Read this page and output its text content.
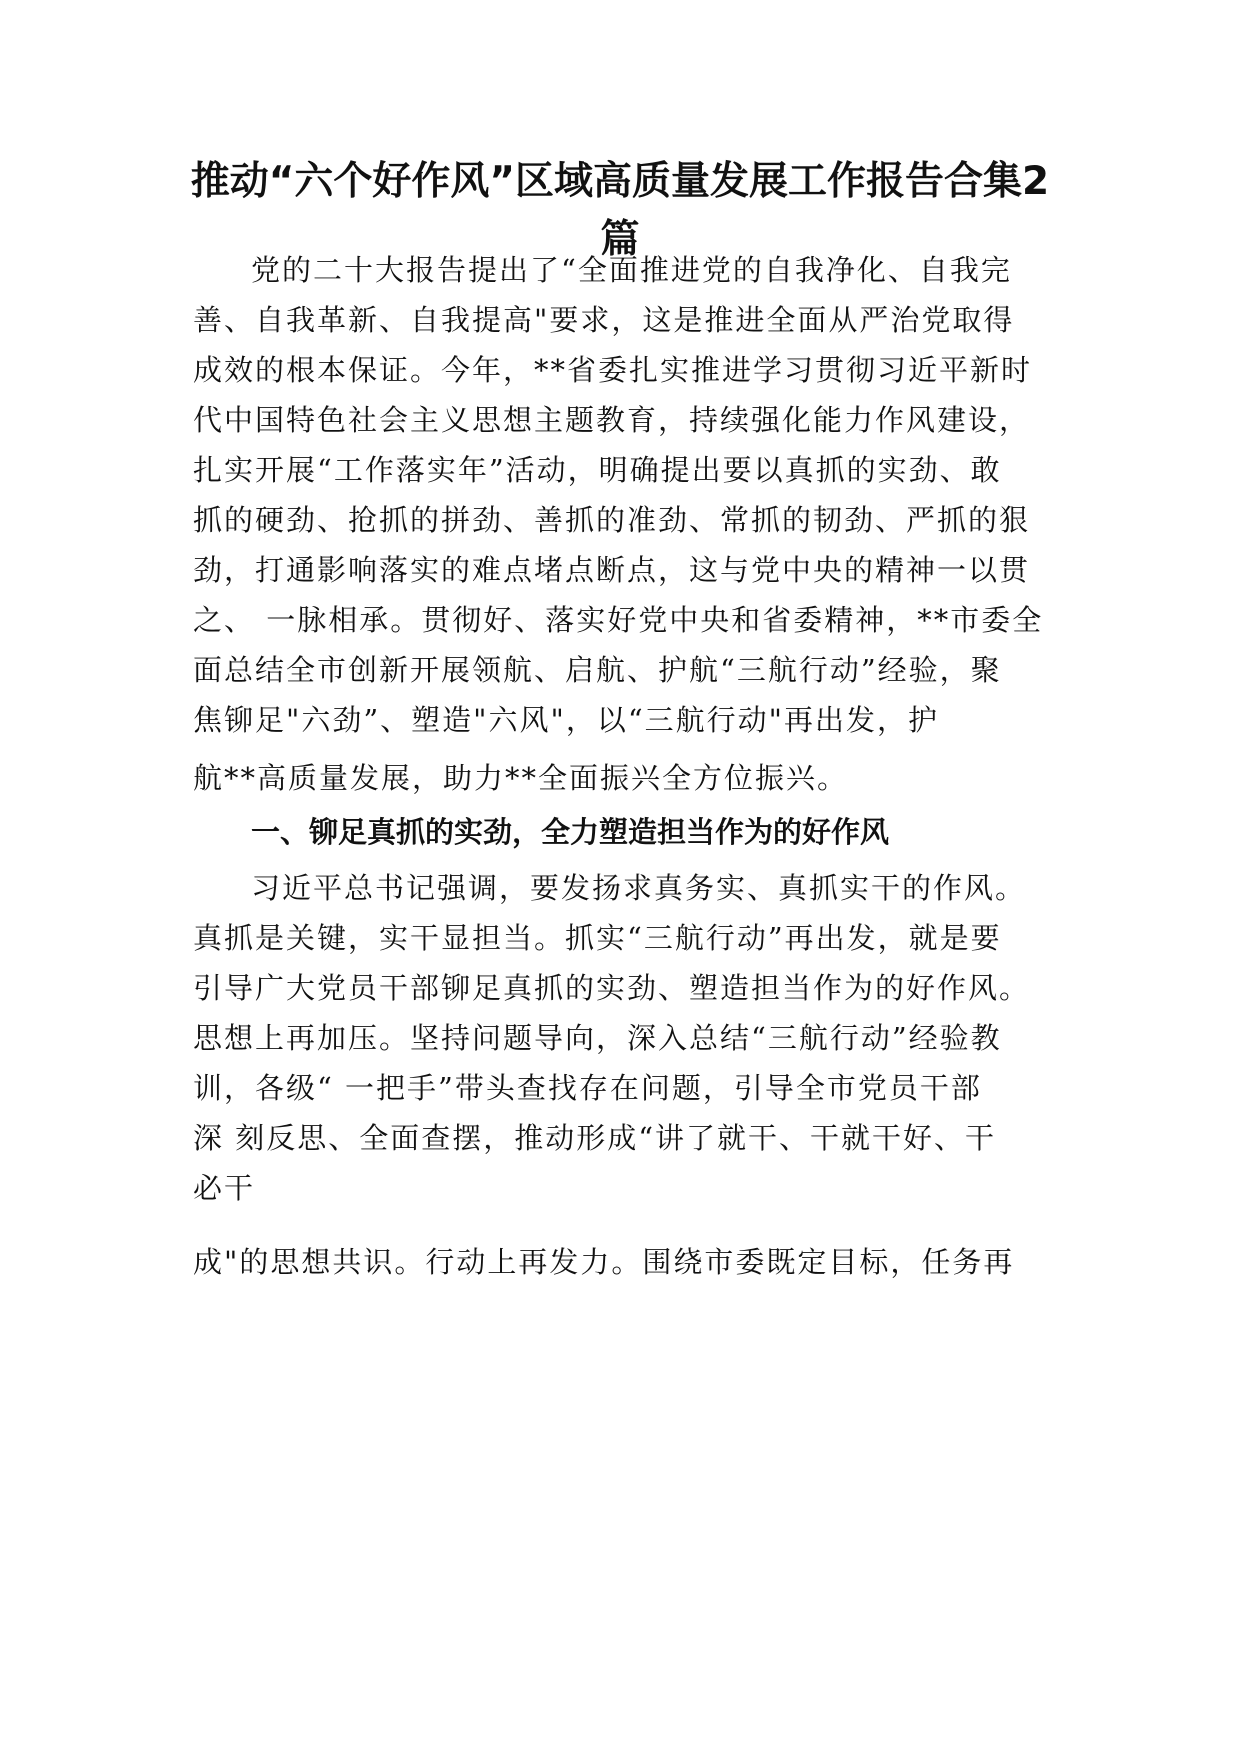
推动“六个好作风”区域高质量发展工作报告合集2
篇

党的二十大报告提出了“全面推进党的自我净化、自我完

善、自我革新、自我提高"要求，这是推进全面从严治党取得

成效的根本保证。今年，**省委扎实推进学习贯彻习近平新时

代中国特色社会主义思想主题教育，持续强化能力作风建设，

扎实开展“工作落实年”活动，明确提出要以真抓的实劲、敢

抓的硬劲、抢抓的拼劲、善抓的准劲、常抓的韧劲、严抓的狠

劲，打通影响落实的难点堵点断点，这与党中央的精神一以贯

之、 一脉相承。贯彻好、落实好党中央和省委精神，**市委全

面总结全市创新开展领航、启航、护航“三航行动”经验，聚

焦铆足"六劲”、塑造"六风"，以“三航行动"再出发，护

航**高质量发展，助力**全面振兴全方位振兴。

一、铆足真抓的实劲，全力塑造担当作为的好作风

习近平总书记强调，要发扬求真务实、真抓实干的作风。

真抓是关键，实干显担当。抓实“三航行动”再出发，就是要

引导广大党员干部铆足真抓的实劲、塑造担当作为的好作风。

思想上再加压。坚持问题导向，深入总结“三航行动”经验教

训，各级“ 一把手”带头查找存在问题，引导全市党员干部

深 刻反思、全面查摆，推动形成“讲了就干、干就干好、干

必干

成"的思想共识。行动上再发力。围绕市委既定目标，任务再
